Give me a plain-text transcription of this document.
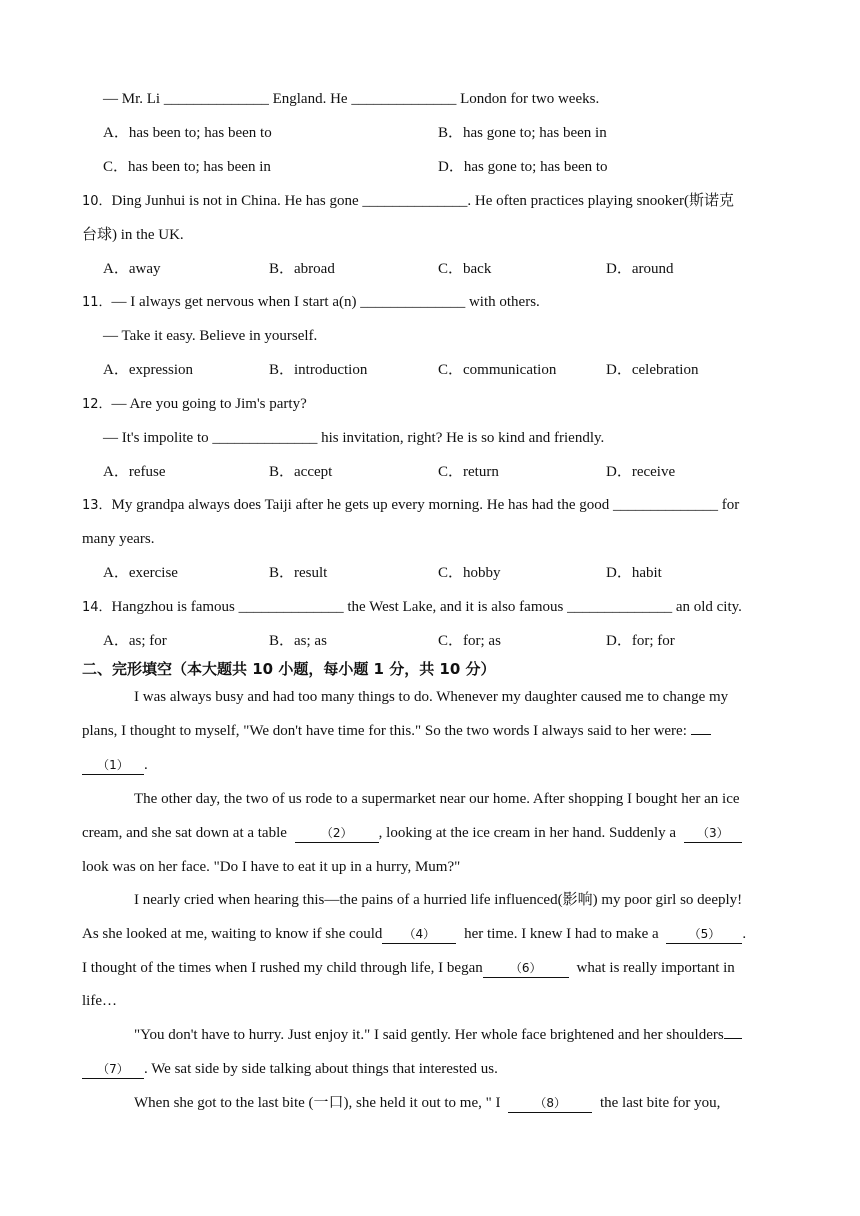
— Mr. Li ______________ England. He ______________ London for two weeks.
A．has been to; has been to	B．has gone to; has been in
C．has been to; has been in	D．has gone to; has been to
10．Ding Junhui is not in China. He has gone ______________. He often practices playing snooker(斯诺克
台球) in the UK.
A．away	B．abroad	C．back	D．around
11．— I always get nervous when I start a(n) ______________ with others.
— Take it easy. Believe in yourself.
A．expression	B．introduction	C．communication	D．celebration
12．— Are you going to Jim's party?
— It's impolite to ______________ his invitation, right? He is so kind and friendly.
A．refuse	B．accept	C．return	D．receive
13．My grandpa always does Taiji after he gets up every morning. He has had the good ______________ for
many years.
A．exercise	B．result	C．hobby	D．habit
14．Hangzhou is famous ______________ the West Lake, and it is also famous ______________ an old city.
A．as; for	B．as; as	C．for; as	D．for; for
二、完形填空（本大题共 10 小题，每小题 1 分，共 10 分）
I was always busy and had too many things to do. Whenever my daughter caused me to change my
plans, I thought to myself, "We don't have time for this." So the two words I always said to her were:
（1） .
The other day, the two of us rode to a supermarket near our home. After shopping I bought her an ice
cream, and she sat down at a table	（2） , looking at the ice cream in her hand. Suddenly a （3）
look was on her face. "Do I have to eat it up in a hurry, Mum?"
I nearly cried when hearing this—the pains of a hurried life influenced(影响) my poor girl so deeply!
As she looked at me, waiting to know if she could （4） her time. I knew I had to make a （5） .
I thought of the times when I rushed my child through life, I began （6） what is really important in
life…
"You don't have to hurry. Just enjoy it." I said gently. Her whole face brightened and her shoulders
（7） . We sat side by side talking about things that interested us.
When she got to the last bite (一口), she held it out to me, " I	（8） the last bite for you,
